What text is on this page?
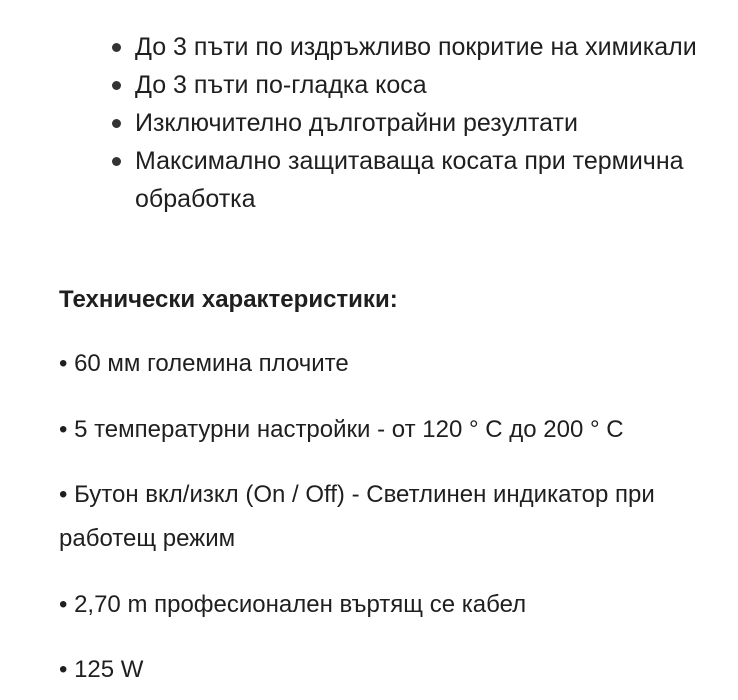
До 3 пъти по издръжливо покритие на химикали
До 3 пъти по-гладка коса
Изключително дълготрайни резултати
Максимално защитаваща косата при термична обработка
Технически характеристики:
• 60 мм големина плочите
• 5 температурни настройки - от 120 ° С до 200 ° С
• Бутон вкл/изкл (On / Off) - Светлинен индикатор при работещ режим
• 2,70 m професионален въртящ се кабел
• 125 W
